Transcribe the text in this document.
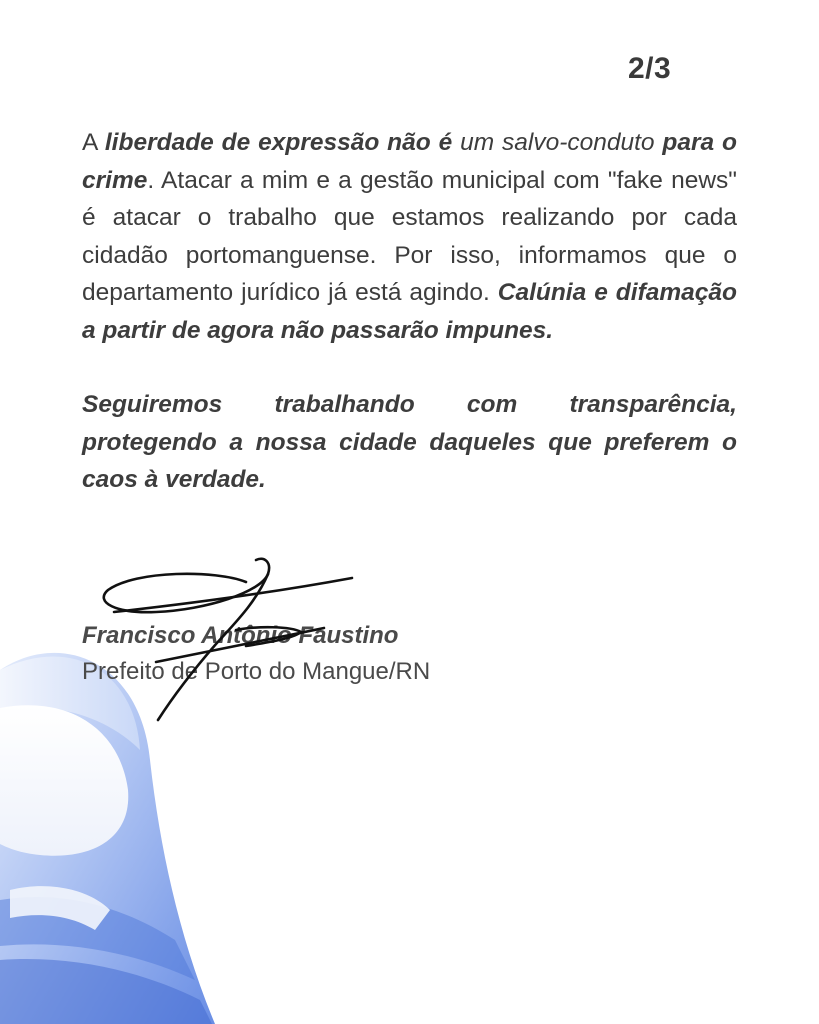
2/3

A liberdade de expressão não é um salvo-conduto para o crime. Atacar a mim e a gestão municipal com "fake news" é atacar o trabalho que estamos realizando por cada cidadão portomanguense. Por isso, informamos que o departamento jurídico já está agindo. Calúnia e difamação a partir de agora não passarão impunes.

Seguiremos trabalhando com transparência, protegendo a nossa cidade daqueles que preferem o caos à verdade.

Francisco Antônio Faustino
Prefeito de Porto do Mangue/RN
